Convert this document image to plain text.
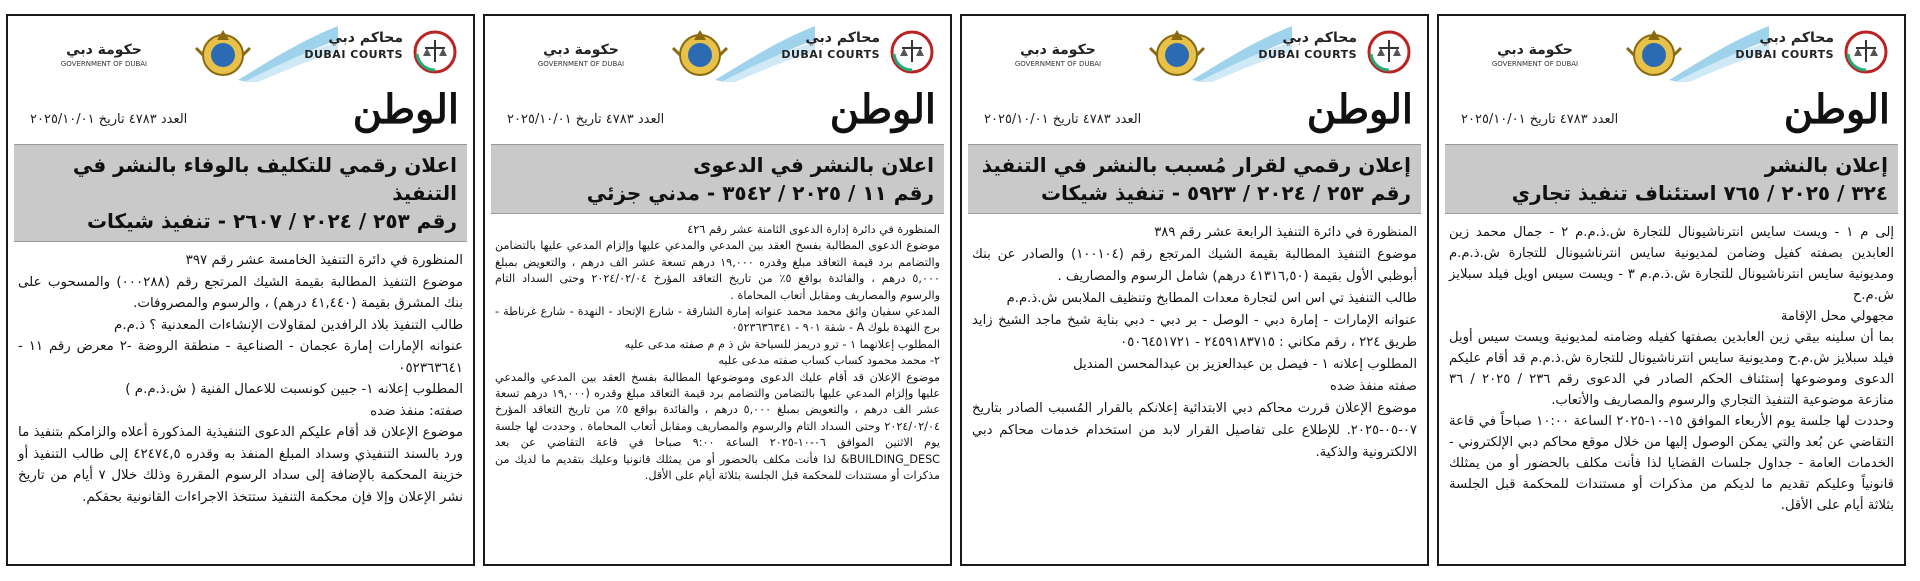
محاكم دبي
DUBAI COURTS
حكومة دبي
GOVERNMENT OF DUBAI
الوطن
العدد ٤٧٨٣ تاريخ ٢٠٢٥/١٠/٠١
إعلان بالنشر
٣٢٤ / ٢٠٢٥ / ٧٦٥ استئناف تنفيذ تجاري

إلى م ١ - ويست سايس انترناشيونال للتجارة ش.ذ.م.م ٢ - جمال محمد زين العابدين بصفته كفيل وضامن لمديونية سايس انترناشيونال للتجارة ش.ذ.م.م ومديونية سايس انترناشيونال للتجارة ش.ذ.م.م ٣ - ويست سيس اويل فيلد سبلايز ش.م.ح

مجهولي محل الإقامة

بما أن سلينه بيقي زين العابدين بصفتها كفيله وضامنه لمديونية ويست سيس أويل فيلد سبلايز ش.م.ح ومديونية سايس انترناشيونال للتجارة ش.ذ.م.م قد أقام عليكم الدعوى وموضوعها إستئناف الحكم الصادر في الدعوى رقم ٢٣٦ / ٢٠٢٥ / ٣٦ منازعة موضوعية التنفيذ التجاري والرسوم والمصاريف والأتعاب.

وحددت لها جلسة يوم الأربعاء الموافق ١٥-١٠-٢٠٢٥ الساعة ١٠:٠٠ صباحاً في قاعة التقاضي عن بُعد والتي يمكن الوصول إليها من خلال موقع محاكم دبي الإلكتروني - الخدمات العامة - جداول جلسات القضايا لذا فأنت مكلف بالحضور أو من يمثلك قانونياً وعليكم تقديم ما لديكم من مذكرات أو مستندات للمحكمة قبل الجلسة بثلاثة أيام على الأقل.

محاكم دبي
DUBAI COURTS
حكومة دبي
GOVERNMENT OF DUBAI
الوطن
العدد ٤٧٨٣ تاريخ ٢٠٢٥/١٠/٠١
إعلان رقمي لقرار مُسبب بالنشر في التنفيذ
رقم ٢٥٣ / ٢٠٢٤ / ٥٩٢٣ - تنفيذ شيكات

المنظورة في دائرة التنفيذ الرابعة عشر رقم ٣٨٩

موضوع التنفيذ المطالبة بقيمة الشيك المرتجع رقم (١٠٠١٠٤) والصادر عن بنك أبوظبي الأول بقيمة (٤١٣١٦,٥٠ درهم) شامل الرسوم والمصاريف .

طالب التنفيذ تي اس اس لتجارة معدات المطابخ وتنظيف الملابس ش.ذ.م.م

عنوانه الإمارات - إمارة دبي - الوصل - بر دبي - دبي بناية شيخ ماجد الشيخ زايد طريق ٢٢٤ ، رقم مكاني : ٢٤٥٩١٨٣٧١٥ - ٠٥٠٦٤٥١٧٢١

المطلوب إعلانه ١ - فيصل بن عبدالعزيز بن عبدالمحسن المنديل

صفته منفذ ضده

موضوع الإعلان قررت محاكم دبي الابتدائية إعلانكم بالقرار المُسبب الصادر بتاريخ ٠٧-٠٥-٢٠٢٥. للإطلاع على تفاصيل القرار لابد من استخدام خدمات محاكم دبي الالكترونية والذكية.

محاكم دبي
DUBAI COURTS
حكومة دبي
GOVERNMENT OF DUBAI
الوطن
العدد ٤٧٨٣ تاريخ ٢٠٢٥/١٠/٠١
اعلان بالنشر في الدعوى
رقم ١١ / ٢٠٢٥ / ٣٥٤٢ - مدني جزئي

المنظورة في دائرة إدارة الدعوى الثامنة عشر رقم ٤٢٦

موضوع الدعوى المطالبة بفسخ العقد بين المدعي والمدعي عليها وإلزام المدعي عليها بالتضامن والتضامم برد قيمة التعاقد مبلغ وقدره ١٩,٠٠٠ درهم تسعة عشر الف درهم ، والتعويض بمبلغ ٥,٠٠٠ درهم ، والفائدة بواقع ٥٪ من تاريخ التعاقد المؤرخ ٢٠٢٤/٠٢/٠٤ وحتى السداد التام والرسوم والمصاريف ومقابل أتعاب المحاماة .

المدعي سفيان وائق محمد محمد عنوانه إمارة الشارقة - شارع الإتحاد - النهدة - شارع غرناطة - برج النهدة بلوك A - شقة ٩٠١ - ٠٥٢٣٦٣٦٣٤١

المطلوب إعلانهما ١ - ترو دريمز للسياحة ش ذ م م صفته مدعى عليه

٢- محمد محمود كساب كساب صفته مدعى عليه

موضوع الإعلان قد أقام عليك الدعوى وموضوعها المطالبة بفسخ العقد بين المدعي والمدعي عليها وإلزام المدعي عليها بالتضامن والتضامم برد قيمة التعاقد مبلغ وقدره (١٩,٠٠٠ درهم تسعة عشر الف درهم ، والتعويض بمبلغ ٥,٠٠٠ درهم ، والفائدة بواقع ٥٪ من تاريخ التعاقد المؤرخ ٢٠٢٤/٠٢/٠٤ وحتى السداد التام والرسوم والمصاريف ومقابل أتعاب المحاماة . وحددت لها جلسة يوم الاثنين الموافق ٠٦-١٠-٢٠٢٥ الساعة ٩:٠٠ صباحا في قاعة التقاضي عن بعد BUILDING_DESC& لذا فأنت مكلف بالحضور أو من يمثلك قانونيا وعليك بتقديم ما لديك من مذكرات أو مستندات للمحكمة قبل الجلسة بثلاثة أيام على الأقل.

محاكم دبي
DUBAI COURTS
حكومة دبي
GOVERNMENT OF DUBAI
الوطن
العدد ٤٧٨٣ تاريخ ٢٠٢٥/١٠/٠١
اعلان رقمي للتكليف بالوفاء بالنشر في التنفيذ
رقم ٢٥٣ / ٢٠٢٤ / ٢٦٠٧ - تنفيذ شيكات

المنظورة في دائرة التنفيذ الخامسة عشر رقم ٣٩٧

موضوع التنفيذ المطالبة بقيمة الشيك المرتجع رقم (٠٠٠٢٨٨) والمسحوب على بنك المشرق بقيمة (٤١,٤٤٠ درهم) ، والرسوم والمصروفات.

طالب التنفيذ بلاد الرافدين لمقاولات الإنشاءات المعدنية ؟ ذ.م.م

عنوانه الإمارات إمارة عجمان - الصناعية - منطقة الروضة -٢ معرض رقم ١١ - ٠٥٢٣٦٣٦٤١

المطلوب إعلانه ١- جبين كونسبت للاعمال الفنية ( ش.ذ.م.م )

صفته: منفذ ضده

موضوع الإعلان قد أقام عليكم الدعوى التنفيذية المذكورة أعلاه والزامكم بتنفيذ ما ورد بالسند التنفيذي وسداد المبلغ المنفذ به وقدره ٤٢٤٧٤,٥ إلى طالب التنفيذ أو خزينة المحكمة بالإضافة إلى سداد الرسوم المقررة وذلك خلال ٧ أيام من تاريخ نشر الإعلان وإلا فإن محكمة التنفيذ ستتخذ الاجراءات القانونية بحقكم.
